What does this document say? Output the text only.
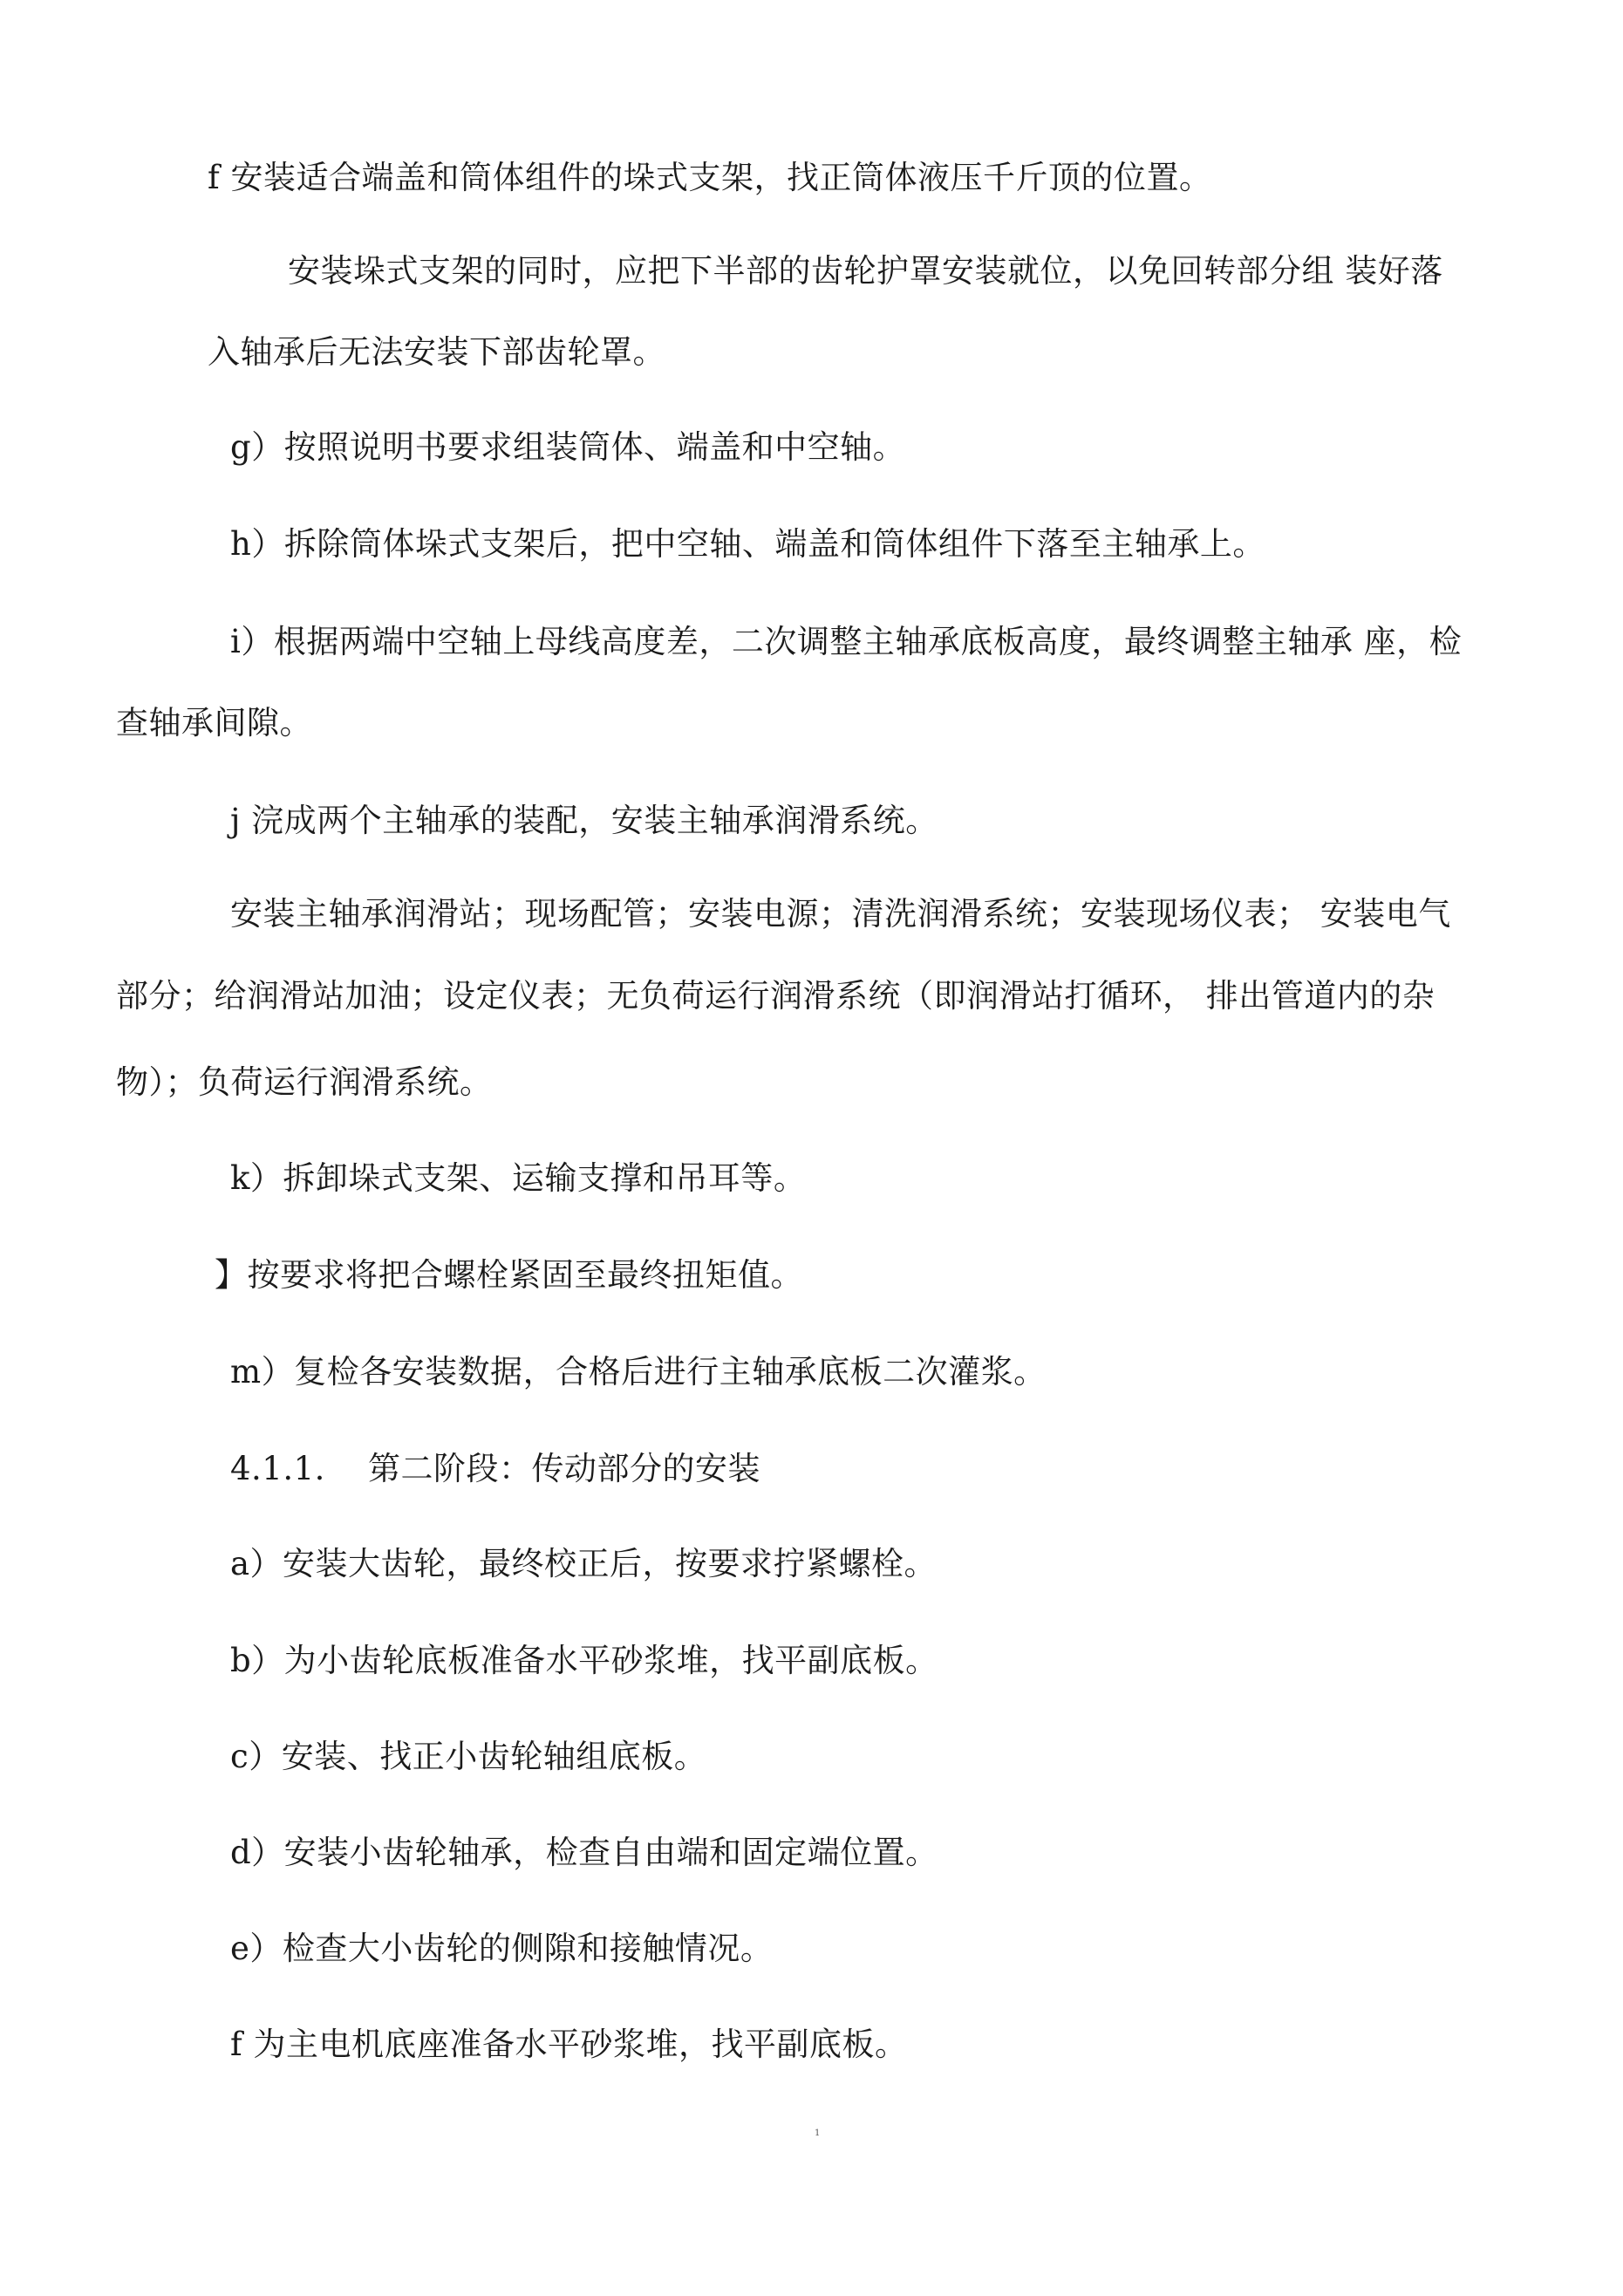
f 安装适合端盖和筒体组件的垛式支架，找正筒体液压千斤顶的位置。
安装垛式支架的同时，应把下半部的齿轮护罩安装就位，以免回转部分组 装好落
入轴承后无法安装下部齿轮罩。
g）按照说明书要求组装筒体、端盖和中空轴。
h）拆除筒体垛式支架后，把中空轴、端盖和筒体组件下落至主轴承上。
i）根据两端中空轴上母线高度差，二次调整主轴承底板高度，最终调整主轴承 座，检
查轴承间隙。
j 浣成两个主轴承的装配，安装主轴承润滑系统。
安装主轴承润滑站；现场配管；安装电源；清洗润滑系统；安装现场仪表； 安装电气
部分；给润滑站加油；设定仪表；无负荷运行润滑系统（即润滑站打循环， 排出管道内的杂
物）；负荷运行润滑系统。
k）拆卸垛式支架、运输支撑和吊耳等。
】按要求将把合螺栓紧固至最终扭矩值。
m）复检各安装数据，合格后进行主轴承底板二次灌浆。
4.1.1.    第二阶段：传动部分的安装
a）安装大齿轮，最终校正后，按要求拧紧螺栓。
b）为小齿轮底板准备水平砂浆堆，找平副底板。
c）安装、找正小齿轮轴组底板。
d）安装小齿轮轴承，检查自由端和固定端位置。
e）检查大小齿轮的侧隙和接触情况。
f 为主电机底座准备水平砂浆堆，找平副底板。
1
